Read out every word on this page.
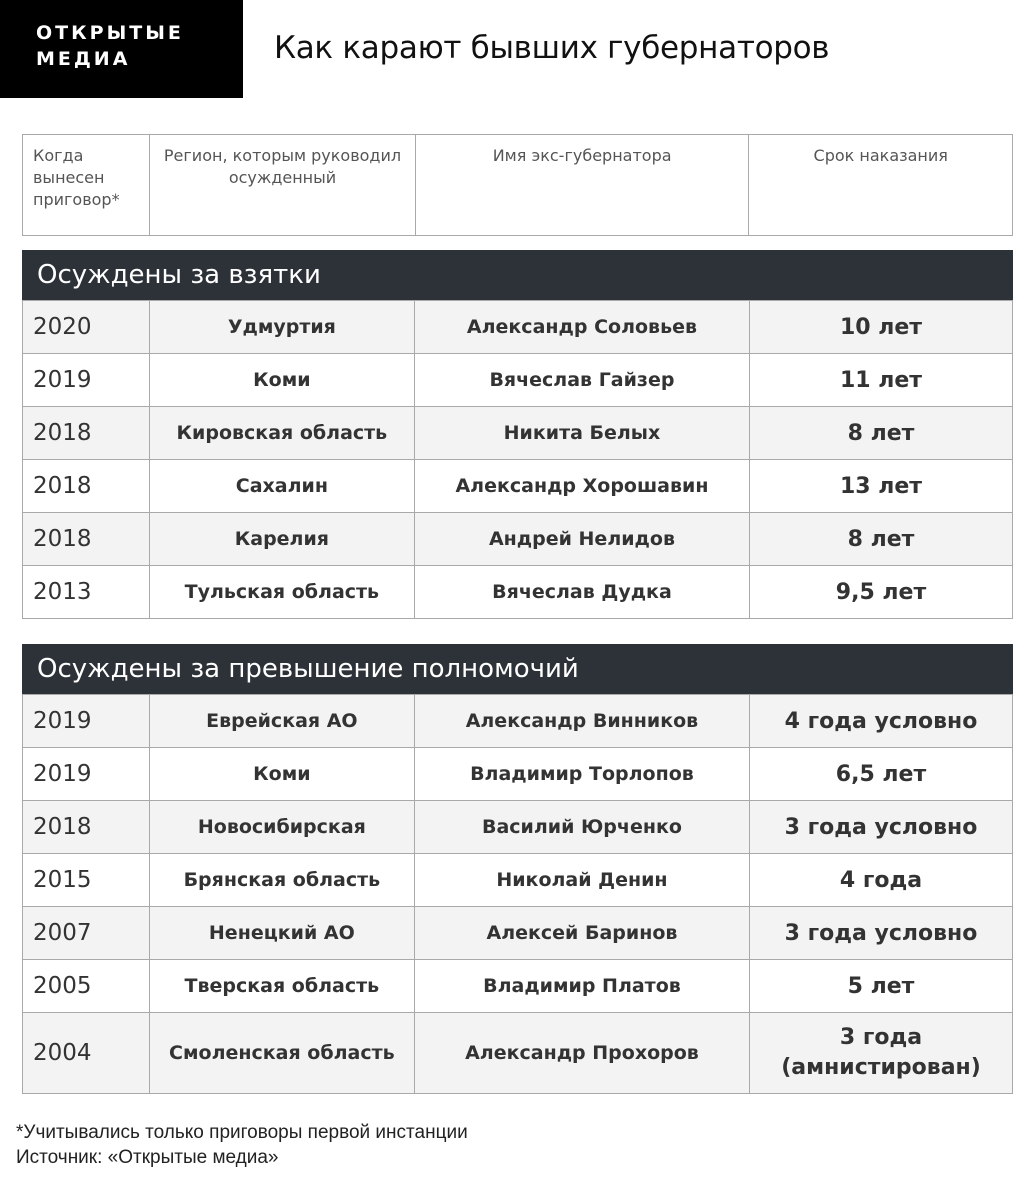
ОТКРЫТЫЕ
МЕДИА	Как карают бывших губернаторов
Когда вынесен приговор*	Регион, которым руководил осужденный	Имя экс-губернатора	Срок наказания
Осуждены за взятки
2020	Удмуртия	Александр Соловьев	10 лет
2019	Коми	Вячеслав Гайзер	11 лет
2018	Кировская область	Никита Белых	8 лет
2018	Сахалин	Александр Хорошавин	13 лет
2018	Карелия	Андрей Нелидов	8 лет
2013	Тульская область	Вячеслав Дудка	9,5 лет
Осуждены за превышение полномочий
2019	Еврейская АО	Александр Винников	4 года условно
2019	Коми	Владимир Торлопов	6,5 лет
2018	Новосибирская	Василий Юрченко	3 года условно
2015	Брянская область	Николай Денин	4 года
2007	Ненецкий АО	Алексей Баринов	3 года условно
2005	Тверская область	Владимир Платов	5 лет
2004	Смоленская область	Александр Прохоров	3 года (амнистирован)
*Учитывались только приговоры первой инстанции
Источник: «Открытые медиа»
